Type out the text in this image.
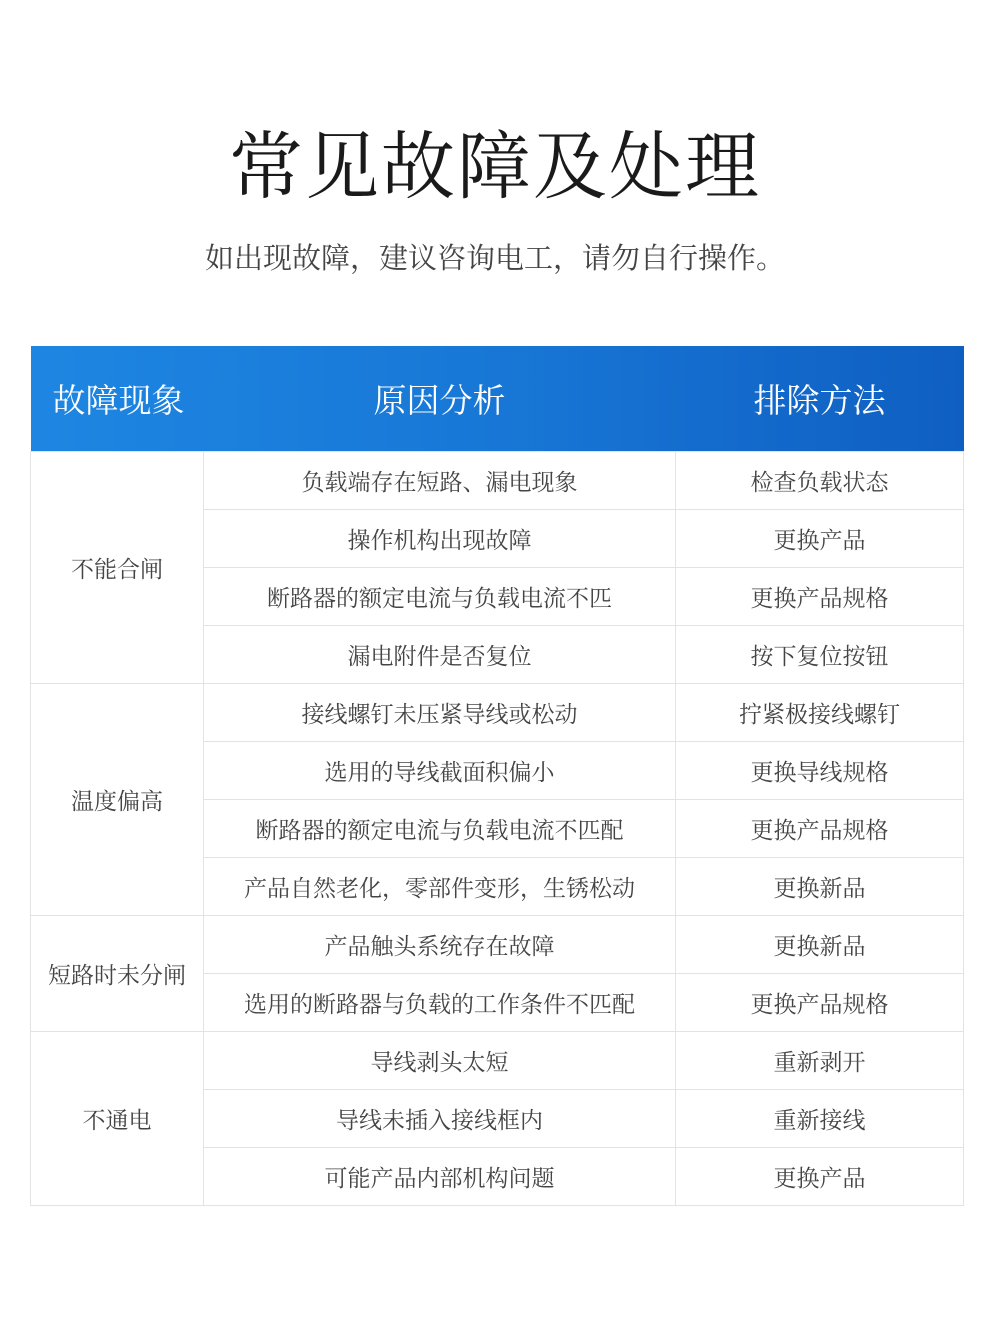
常见故障及处理
如出现故障，建议咨询电工，请勿自行操作。
故障现象	原因分析	排除方法
不能合闸	负载端存在短路、漏电现象	检查负载状态
	操作机构出现故障	更换产品
	断路器的额定电流与负载电流不匹	更换产品规格
	漏电附件是否复位	按下复位按钮
温度偏高	接线螺钉未压紧导线或松动	拧紧极接线螺钉
	选用的导线截面积偏小	更换导线规格
	断路器的额定电流与负载电流不匹配	更换产品规格
	产品自然老化，零部件变形，生锈松动	更换新品
短路时未分闸	产品触头系统存在故障	更换新品
	选用的断路器与负载的工作条件不匹配	更换产品规格
不通电	导线剥头太短	重新剥开
	导线未插入接线框内	重新接线
	可能产品内部机构问题	更换产品
